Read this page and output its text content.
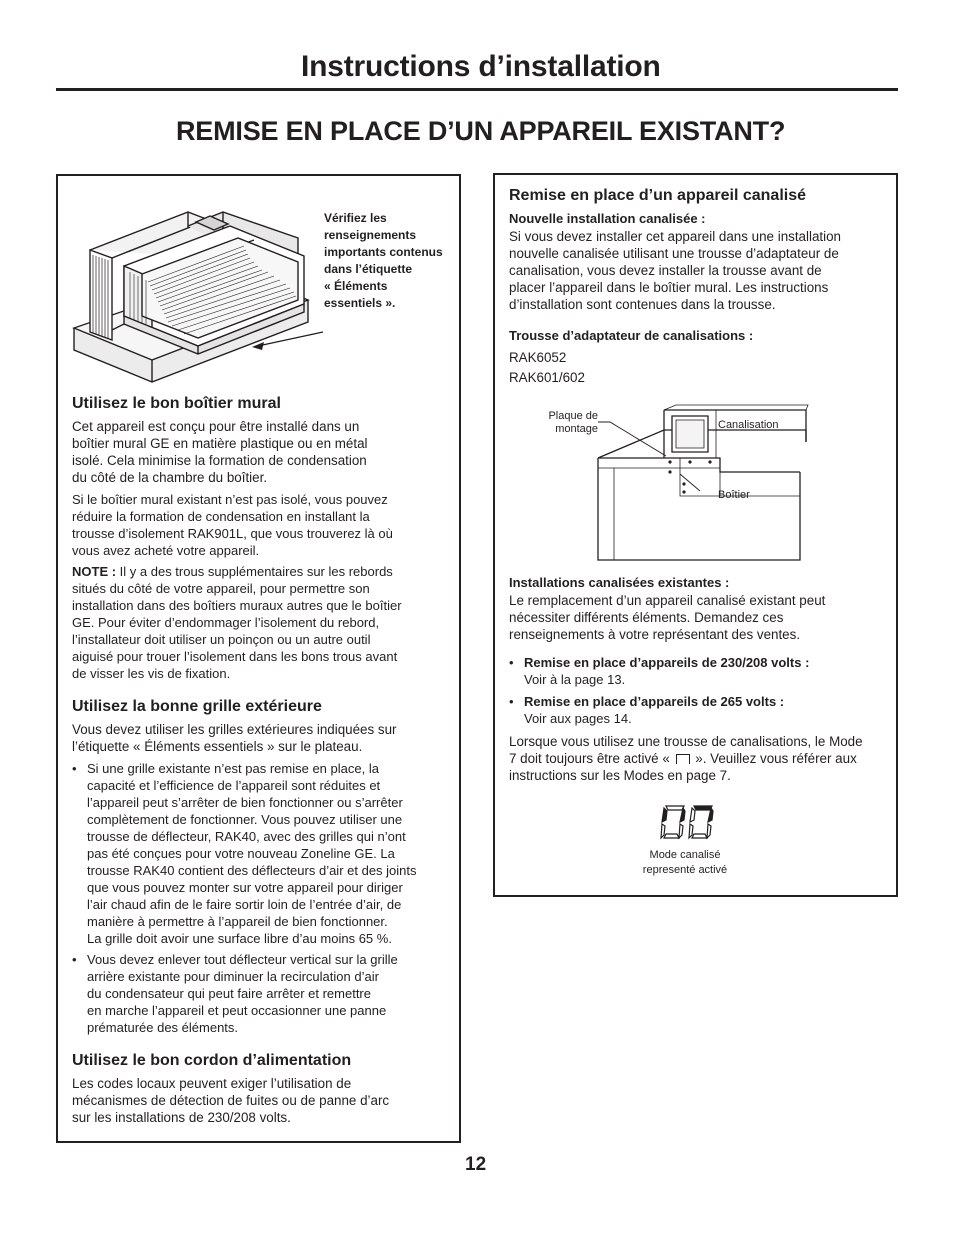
Instructions d’installation
REMISE EN PLACE D’UN APPAREIL EXISTANT?
Vérifiez les
renseignements
importants contenus
dans l’étiquette
« Éléments
essentiels ».
Utilisez le bon boîtier mural
Cet appareil est conçu pour être installé dans un
boîtier mural GE en matière plastique ou en métal
isolé. Cela minimise la formation de condensation
du côté de la chambre du boîtier.
Si le boîtier mural existant n’est pas isolé, vous pouvez
réduire la formation de condensation en installant la
trousse d’isolement RAK901L, que vous trouverez là où
vous avez acheté votre appareil.
NOTE : Il y a des trous supplémentaires sur les rebords
situés du côté de votre appareil, pour permettre son
installation dans des boîtiers muraux autres que le boîtier
GE. Pour éviter d’endommager l’isolement du rebord,
l’installateur doit utiliser un poinçon ou un autre outil
aiguisé pour trouer l’isolement dans les bons trous avant
de visser les vis de fixation.
Utilisez la bonne grille extérieure
Vous devez utiliser les grilles extérieures indiquées sur
l’étiquette « Éléments essentiels » sur le plateau.
• Si une grille existante n’est pas remise en place, la
capacité et l’efficience de l’appareil sont réduites et
l’appareil peut s’arrêter de bien fonctionner ou s’arrêter
complètement de fonctionner. Vous pouvez utiliser une
trousse de déflecteur, RAK40, avec des grilles qui n’ont
pas été conçues pour votre nouveau Zoneline GE. La
trousse RAK40 contient des déflecteurs d’air et des joints
que vous pouvez monter sur votre appareil pour diriger
l’air chaud afin de le faire sortir loin de l’entrée d’air, de
manière à permettre à l’appareil de bien fonctionner.
La grille doit avoir une surface libre d’au moins 65 %.
• Vous devez enlever tout déflecteur vertical sur la grille
arrière existante pour diminuer la recirculation d’air
du condensateur qui peut faire arrêter et remettre
en marche l’appareil et peut occasionner une panne
prématurée des éléments.
Utilisez le bon cordon d’alimentation
Les codes locaux peuvent exiger l’utilisation de
mécanismes de détection de fuites ou de panne d’arc
sur les installations de 230/208 volts.
Remise en place d’un appareil canalisé
Nouvelle installation canalisée :
Si vous devez installer cet appareil dans une installation
nouvelle canalisée utilisant une trousse d’adaptateur de
canalisation, vous devez installer la trousse avant de
placer l’appareil dans le boîtier mural. Les instructions
d’installation sont contenues dans la trousse.
Trousse d’adaptateur de canalisations :
RAK6052
RAK601/602
Plaque de
montage	Canalisation
Boîtier
Installations canalisées existantes :
Le remplacement d’un appareil canalisé existant peut
nécessiter différents éléments. Demandez ces
renseignements à votre représentant des ventes.
• Remise en place d’appareils de 230/208 volts :
Voir à la page 13.
• Remise en place d’appareils de 265 volts :
Voir aux pages 14.
Lorsque vous utilisez une trousse de canalisations, le Mode
7 doit toujours être activé « ». Veuillez vous référer aux
instructions sur les Modes en page 7.
Mode canalisé
representé activé
12
